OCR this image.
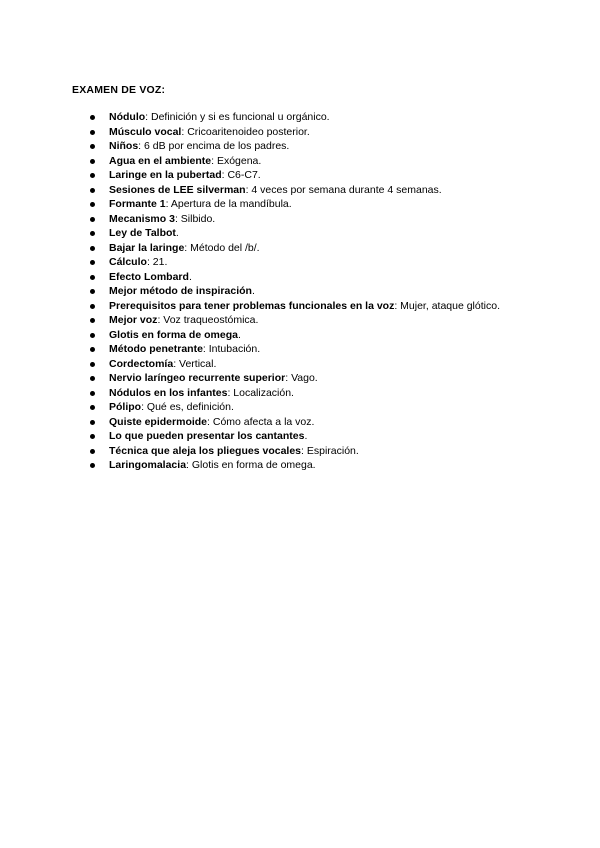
EXAMEN DE VOZ:
Nódulo: Definición y si es funcional u orgánico.
Músculo vocal: Cricoaritenoideo posterior.
Niños: 6 dB por encima de los padres.
Agua en el ambiente: Exógena.
Laringe en la pubertad: C6-C7.
Sesiones de LEE silverman: 4 veces por semana durante 4 semanas.
Formante 1: Apertura de la mandíbula.
Mecanismo 3: Silbido.
Ley de Talbot.
Bajar la laringe: Método del /b/.
Cálculo: 21.
Efecto Lombard.
Mejor método de inspiración.
Prerequisitos para tener problemas funcionales en la voz: Mujer, ataque glótico.
Mejor voz: Voz traqueostómica.
Glotis en forma de omega.
Método penetrante: Intubación.
Cordectomía: Vertical.
Nervio laríngeo recurrente superior: Vago.
Nódulos en los infantes: Localización.
Pólipo: Qué es, definición.
Quiste epidermoide: Cómo afecta a la voz.
Lo que pueden presentar los cantantes.
Técnica que aleja los pliegues vocales: Espiración.
Laringomalacia: Glotis en forma de omega.
